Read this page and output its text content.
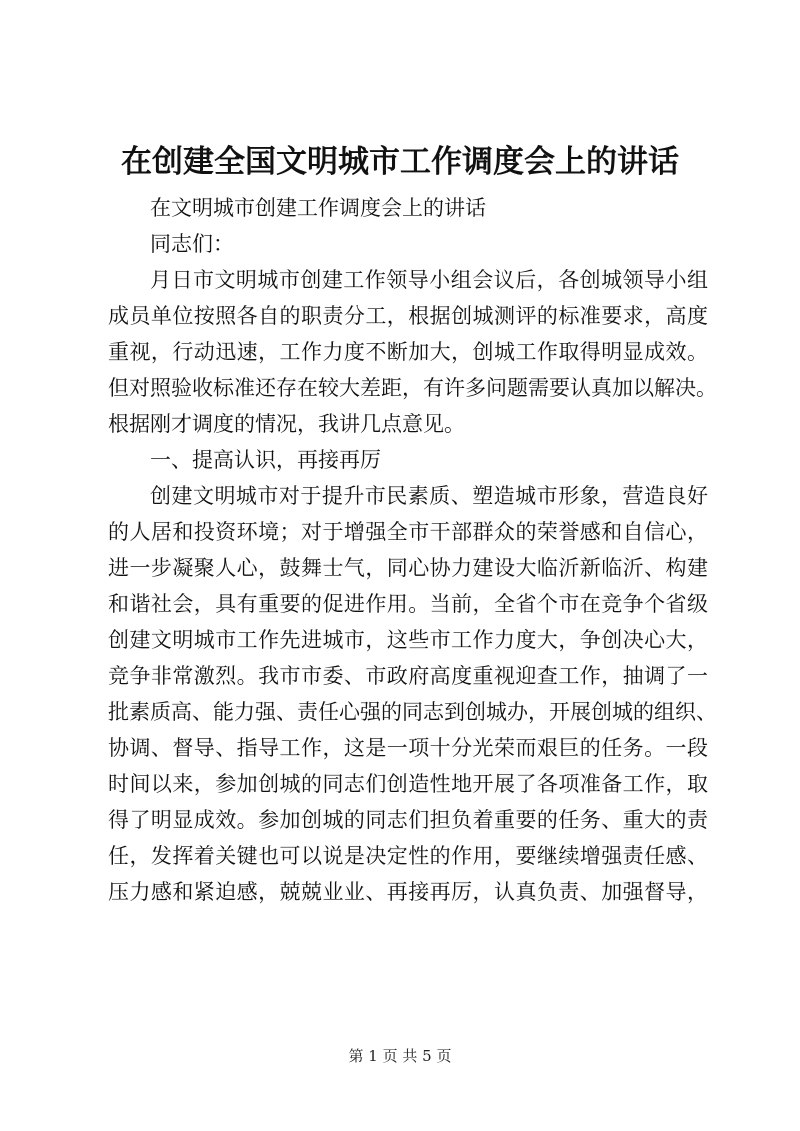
在创建全国文明城市工作调度会上的讲话
在文明城市创建工作调度会上的讲话
同志们：
月日市文明城市创建工作领导小组会议后，各创城领导小组
成员单位按照各自的职责分工，根据创城测评的标准要求，高度
重视，行动迅速，工作力度不断加大，创城工作取得明显成效。
但对照验收标准还存在较大差距，有许多问题需要认真加以解决。
根据刚才调度的情况，我讲几点意见。
一、提高认识，再接再厉
创建文明城市对于提升市民素质、塑造城市形象，营造良好
的人居和投资环境；对于增强全市干部群众的荣誉感和自信心，
进一步凝聚人心，鼓舞士气，同心协力建设大临沂新临沂、构建
和谐社会，具有重要的促进作用。当前，全省个市在竞争个省级
创建文明城市工作先进城市，这些市工作力度大，争创决心大，
竞争非常激烈。我市市委、市政府高度重视迎查工作，抽调了一
批素质高、能力强、责任心强的同志到创城办，开展创城的组织、
协调、督导、指导工作，这是一项十分光荣而艰巨的任务。一段
时间以来，参加创城的同志们创造性地开展了各项准备工作，取
得了明显成效。参加创城的同志们担负着重要的任务、重大的责
任，发挥着关键也可以说是决定性的作用，要继续增强责任感、
压力感和紧迫感，兢兢业业、再接再厉，认真负责、加强督导，
第 1 页 共 5 页
